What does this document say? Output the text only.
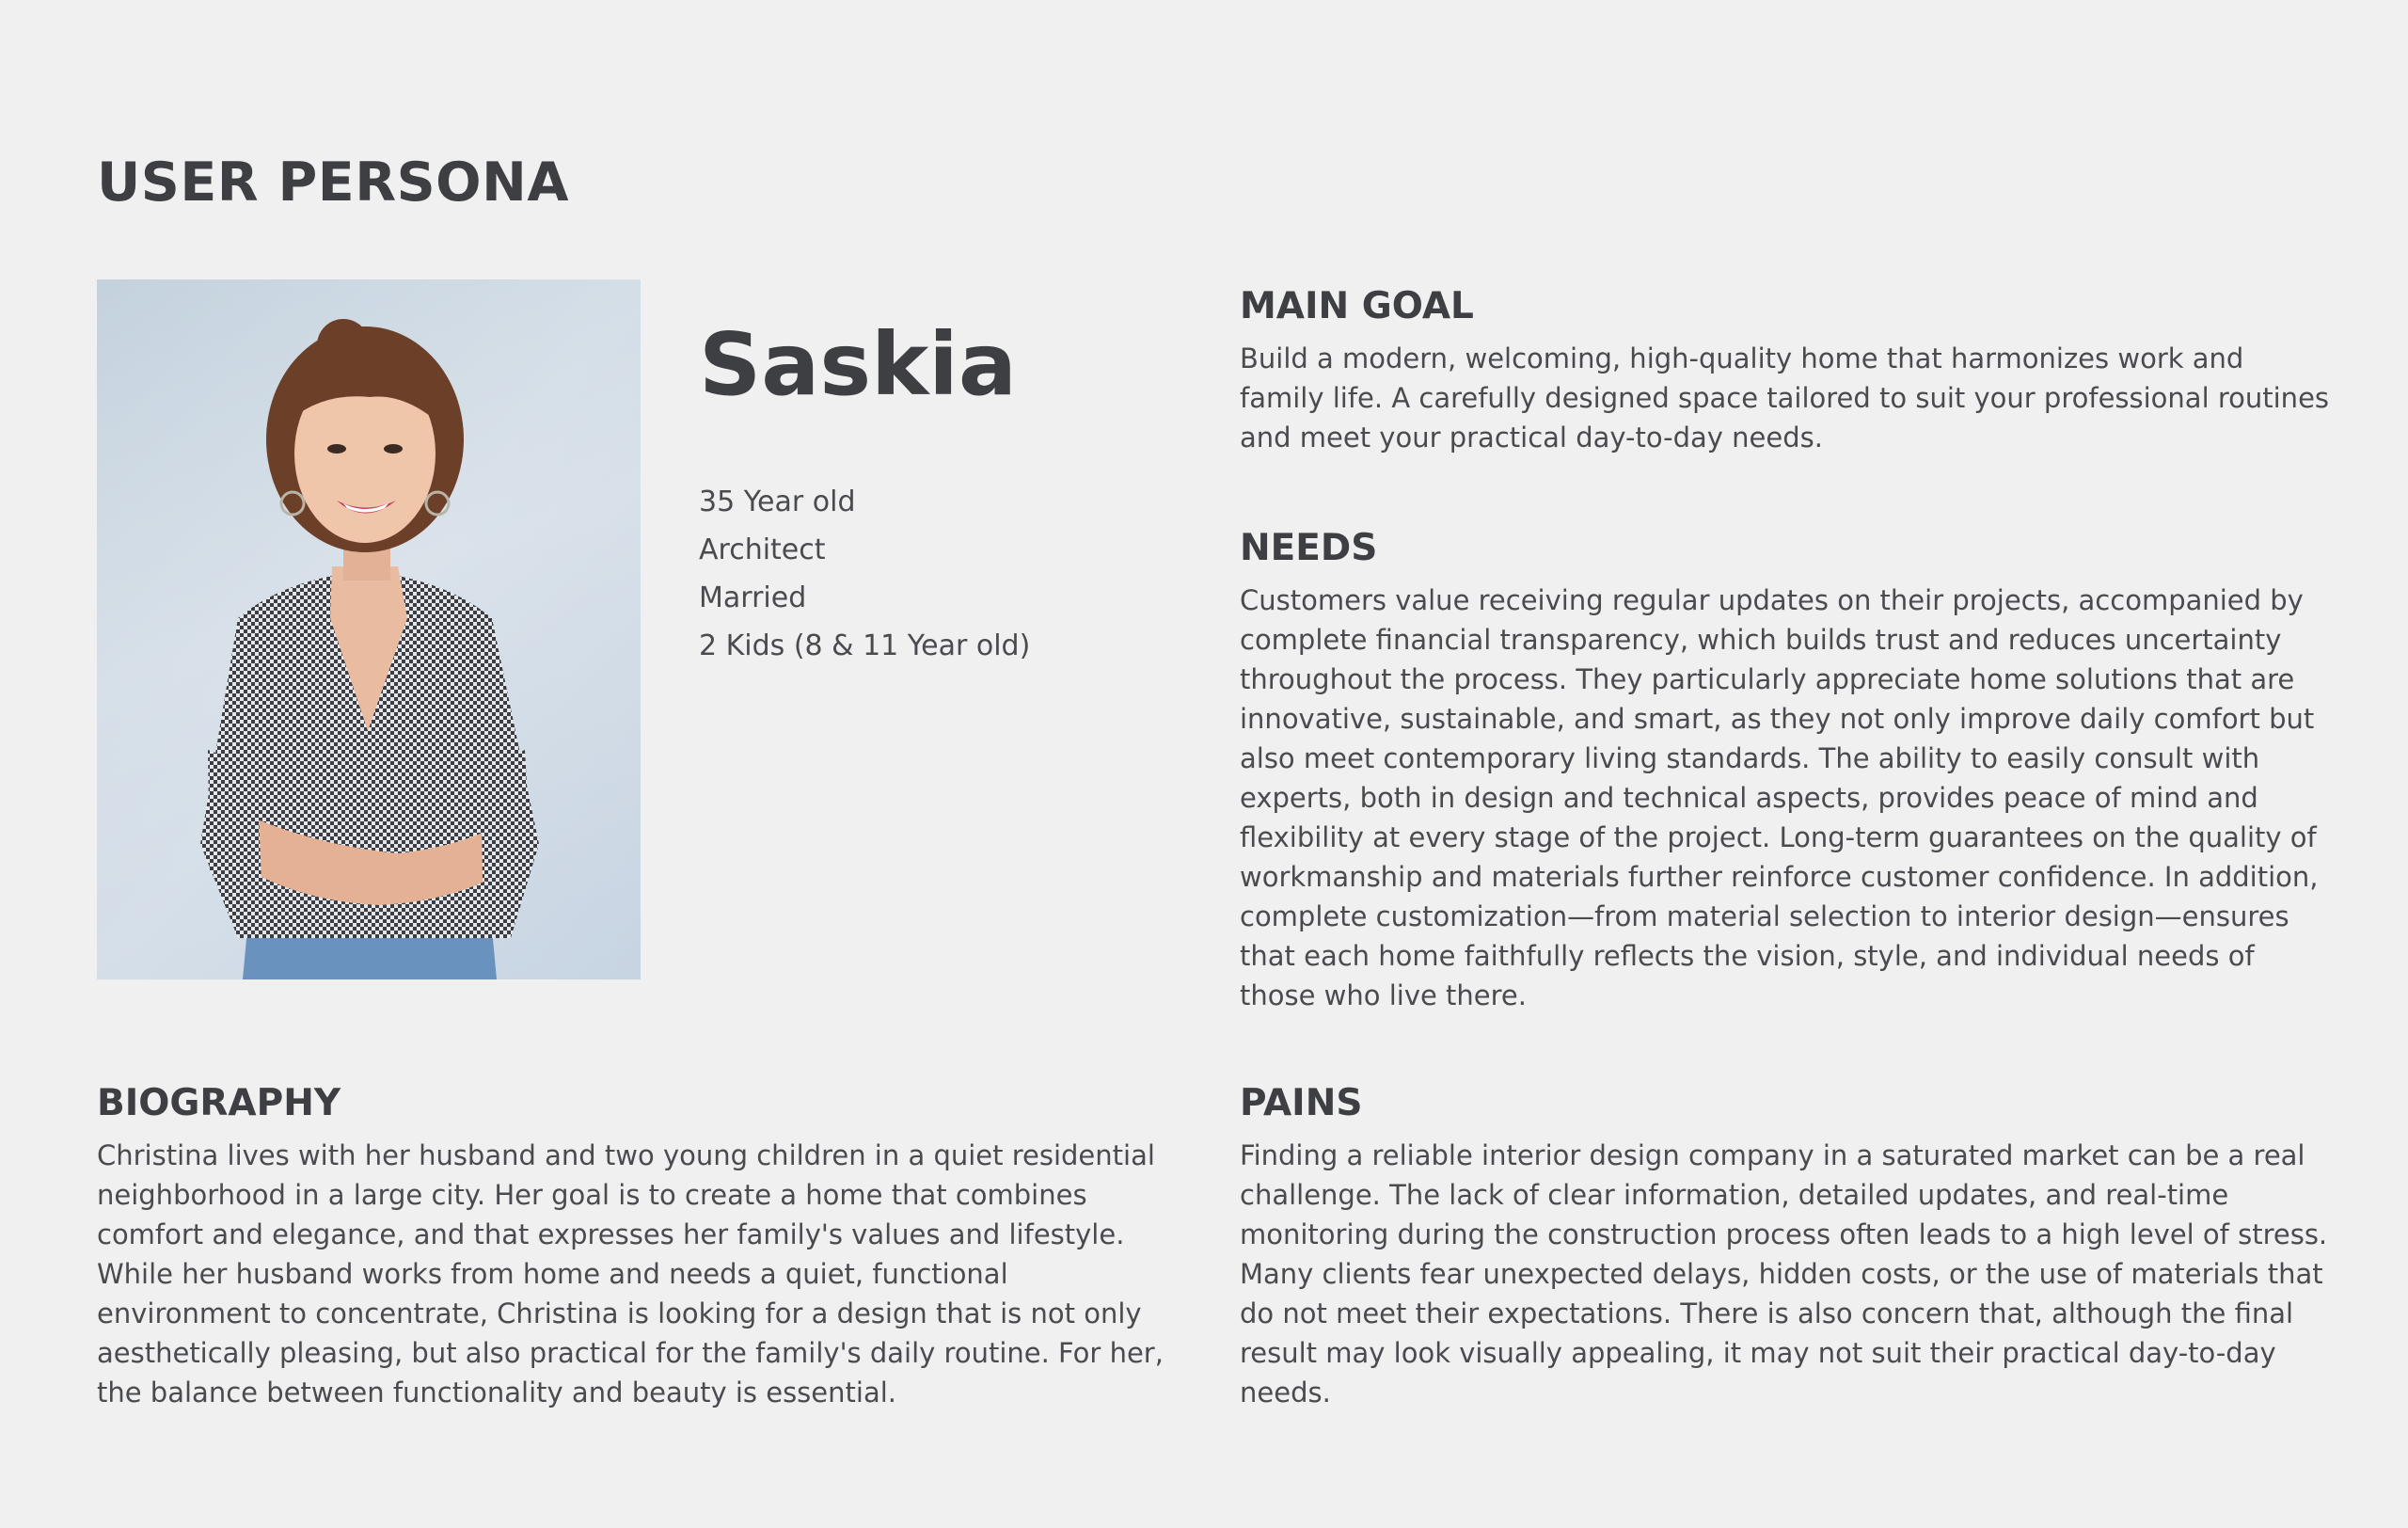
USER PERSONA
Saskia
35 Year old
Architect
Married
2 Kids (8 & 11 Year old)
MAIN GOAL

Build a modern, welcoming, high-quality home that harmonizes work and family life. A carefully designed space tailored to suit your professional routines and meet your practical day-to-day needs.

NEEDS

Customers value receiving regular updates on their projects, accompanied by complete financial transparency, which builds trust and reduces uncertainty throughout the process. They particularly appreciate home solutions that are innovative, sustainable, and smart, as they not only improve daily comfort but also meet contemporary living standards. The ability to easily consult with experts, both in design and technical aspects, provides peace of mind and flexibility at every stage of the project. Long-term guarantees on the quality of workmanship and materials further reinforce customer confidence. In addition, complete customization—from material selection to interior design—ensures that each home faithfully reflects the vision, style, and individual needs of those who live there.

BIOGRAPHY

Christina lives with her husband and two young children in a quiet residential neighborhood in a large city. Her goal is to create a home that combines comfort and elegance, and that expresses her family's values and lifestyle. While her husband works from home and needs a quiet, functional environment to concentrate, Christina is looking for a design that is not only aesthetically pleasing, but also practical for the family's daily routine. For her, the balance between functionality and beauty is essential.

PAINS

Finding a reliable interior design company in a saturated market can be a real challenge. The lack of clear information, detailed updates, and real-time monitoring during the construction process often leads to a high level of stress. Many clients fear unexpected delays, hidden costs, or the use of materials that do not meet their expectations. There is also concern that, although the final result may look visually appealing, it may not suit their practical day-to-day needs.
